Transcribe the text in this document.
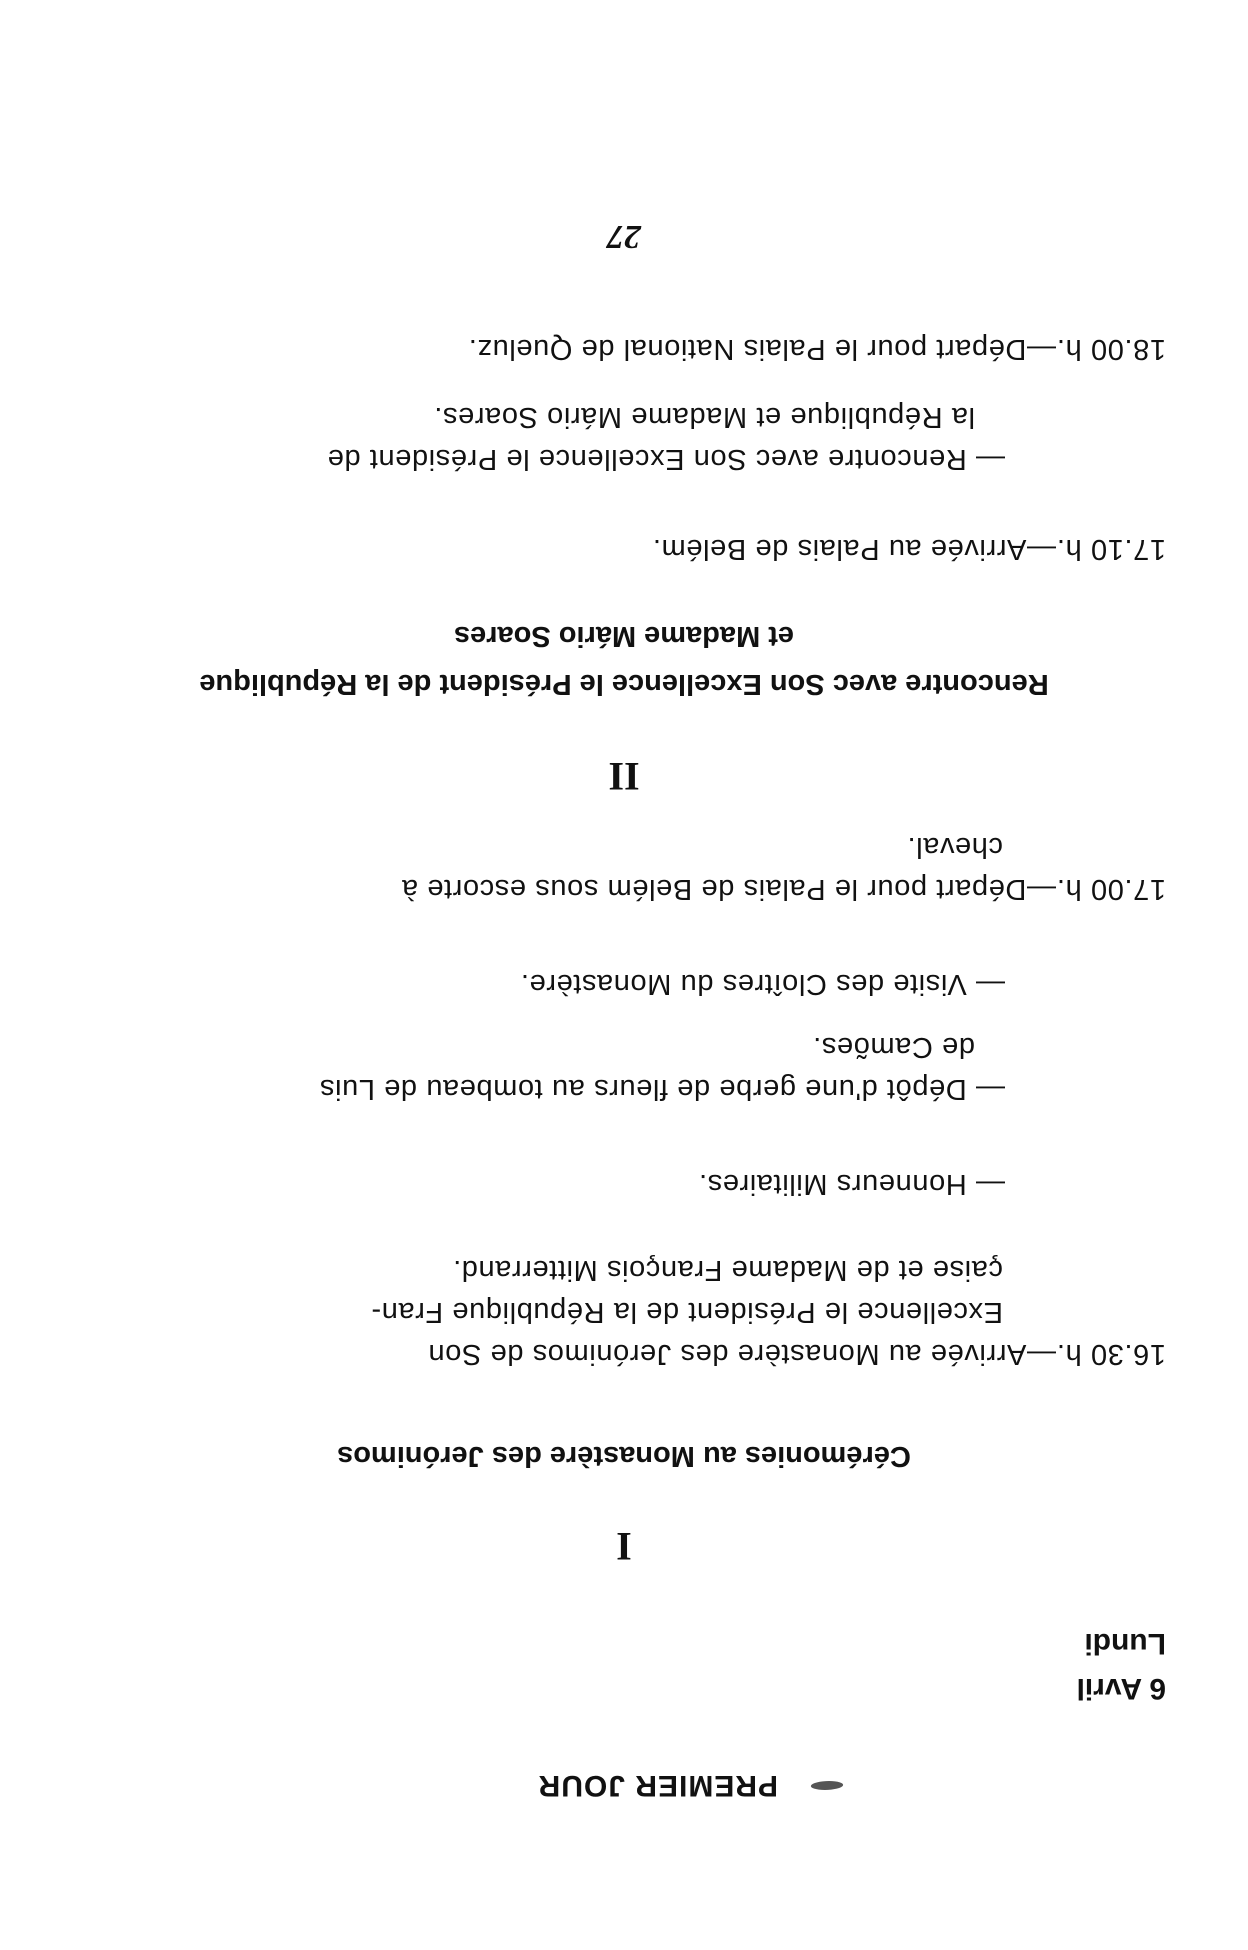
PREMIER JOUR
6 Avril
Lundi
I
Cérémonies au Monastère des Jerónimos
16.30 h.—Arrivée au Monastère des Jerónimos de Son
Excellence le Président de la République Fran-
çaise et de Madame François Mitterrand.
— Honneurs Militaires.
— Dépôt d'une gerbe de fleurs au tombeau de Luis
de Camões.
— Visite des Cloîtres du Monastère.
17.00 h.—Départ pour le Palais de Belém sous escorte à
cheval.
II
Rencontre avec Son Excellence le Président de la République
et Madame Mário Soares
17.10 h.—Arrivée au Palais de Belém.
— Rencontre avec Son Excellence le Président de
la République et Madame Mário Soares.
18.00 h.—Départ pour le Palais National de Queluz.
27
